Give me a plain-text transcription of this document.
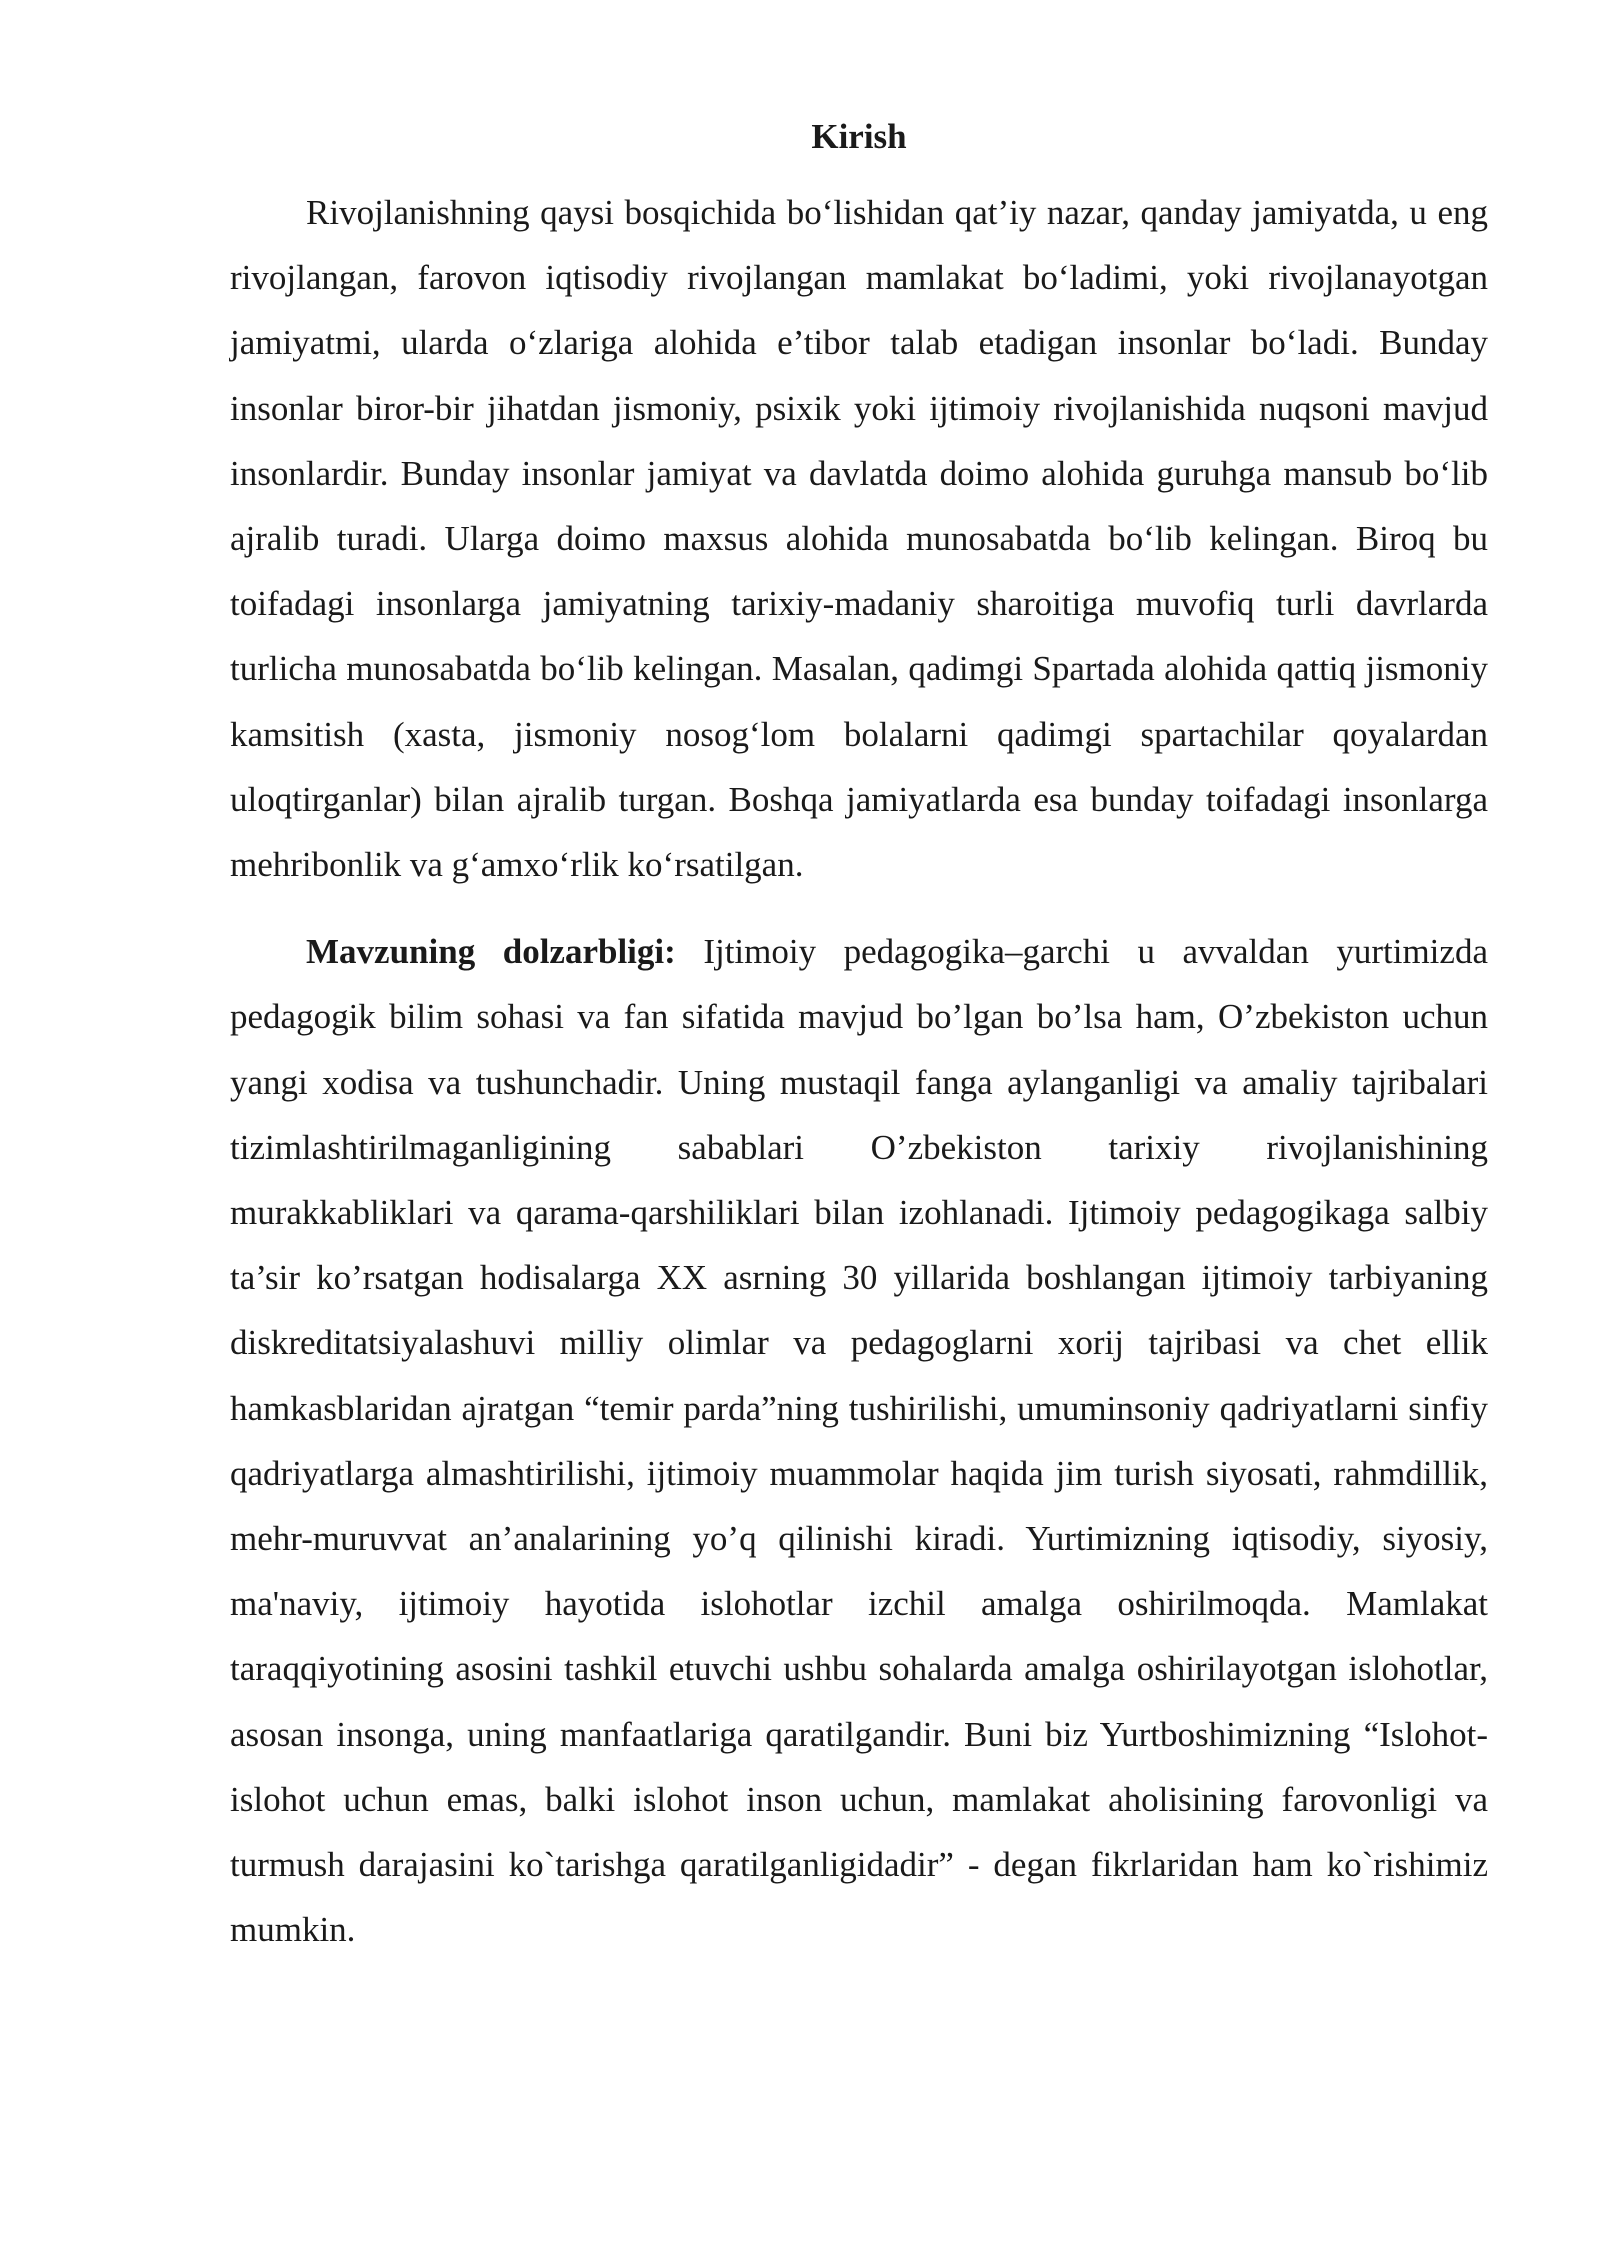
Kirish

Rivojlanishning qaysi bosqichida bo‘lishidan qat’iy nazar, qanday jamiyatda, u eng rivojlangan, farovon iqtisodiy rivojlangan mamlakat bo‘ladimi, yoki rivojlanayotgan jamiyatmi, ularda o‘zlariga alohida e’tibor talab etadigan insonlar bo‘ladi. Bunday insonlar biror-bir jihatdan jismoniy, psixik yoki ijtimoiy rivojlanishida nuqsoni mavjud insonlardir. Bunday insonlar jamiyat va davlatda doimo alohida guruhga mansub bo‘lib ajralib turadi. Ularga doimo maxsus alohida munosabatda bo‘lib kelingan. Biroq bu toifadagi insonlarga jamiyatning tarixiy-madaniy sharoitiga muvofiq turli davrlarda turlicha munosabatda bo‘lib kelingan. Masalan, qadimgi Spartada alohida qattiq jismoniy kamsitish (xasta, jismoniy nosog‘lom bolalarni qadimgi spartachilar qoyalardan uloqtirganlar) bilan ajralib turgan. Boshqa jamiyatlarda esa bunday toifadagi insonlarga mehribonlik va g‘amxo‘rlik ko‘rsatilgan.

Mavzuning dolzarbligi: Ijtimoiy pedagogika–garchi u avvaldan yurtimizda pedagogik bilim sohasi va fan sifatida mavjud bo’lgan bo’lsa ham, O’zbekiston uchun yangi xodisa va tushunchadir. Uning mustaqil fanga aylanganligi va amaliy tajribalari tizimlashtirilmaganligining sabablari O’zbekiston tarixiy rivojlanishining murakkabliklari va qarama-qarshiliklari bilan izohlanadi. Ijtimoiy pedagogikaga salbiy ta’sir ko’rsatgan hodisalarga XX asrning 30 yillarida boshlangan ijtimoiy tarbiyaning diskreditatsiyalashuvi milliy olimlar va pedagoglarni xorij tajribasi va chet ellik hamkasblaridan ajratgan “temir parda”ning tushirilishi, umuminsoniy qadriyatlarni sinfiy qadriyatlarga almashtirilishi, ijtimoiy muammolar haqida jim turish siyosati, rahmdillik, mehr-muruvvat an’analarining yo’q qilinishi kiradi. Yurtimizning iqtisodiy, siyosiy, ma'naviy, ijtimoiy hayotida islohotlar izchil amalga oshirilmoqda. Mamlakat taraqqiyotining asosini tashkil etuvchi ushbu sohalarda amalga oshirilayotgan islohotlar, asosan insonga, uning manfaatlariga qaratilgandir. Buni biz Yurtboshimizning “Islohot-islohot uchun emas, balki islohot inson uchun, mamlakat aholisining farovonligi va turmush darajasini ko`tarishga qaratilganligidadir” - degan fikrlaridan ham ko`rishimiz mumkin.
